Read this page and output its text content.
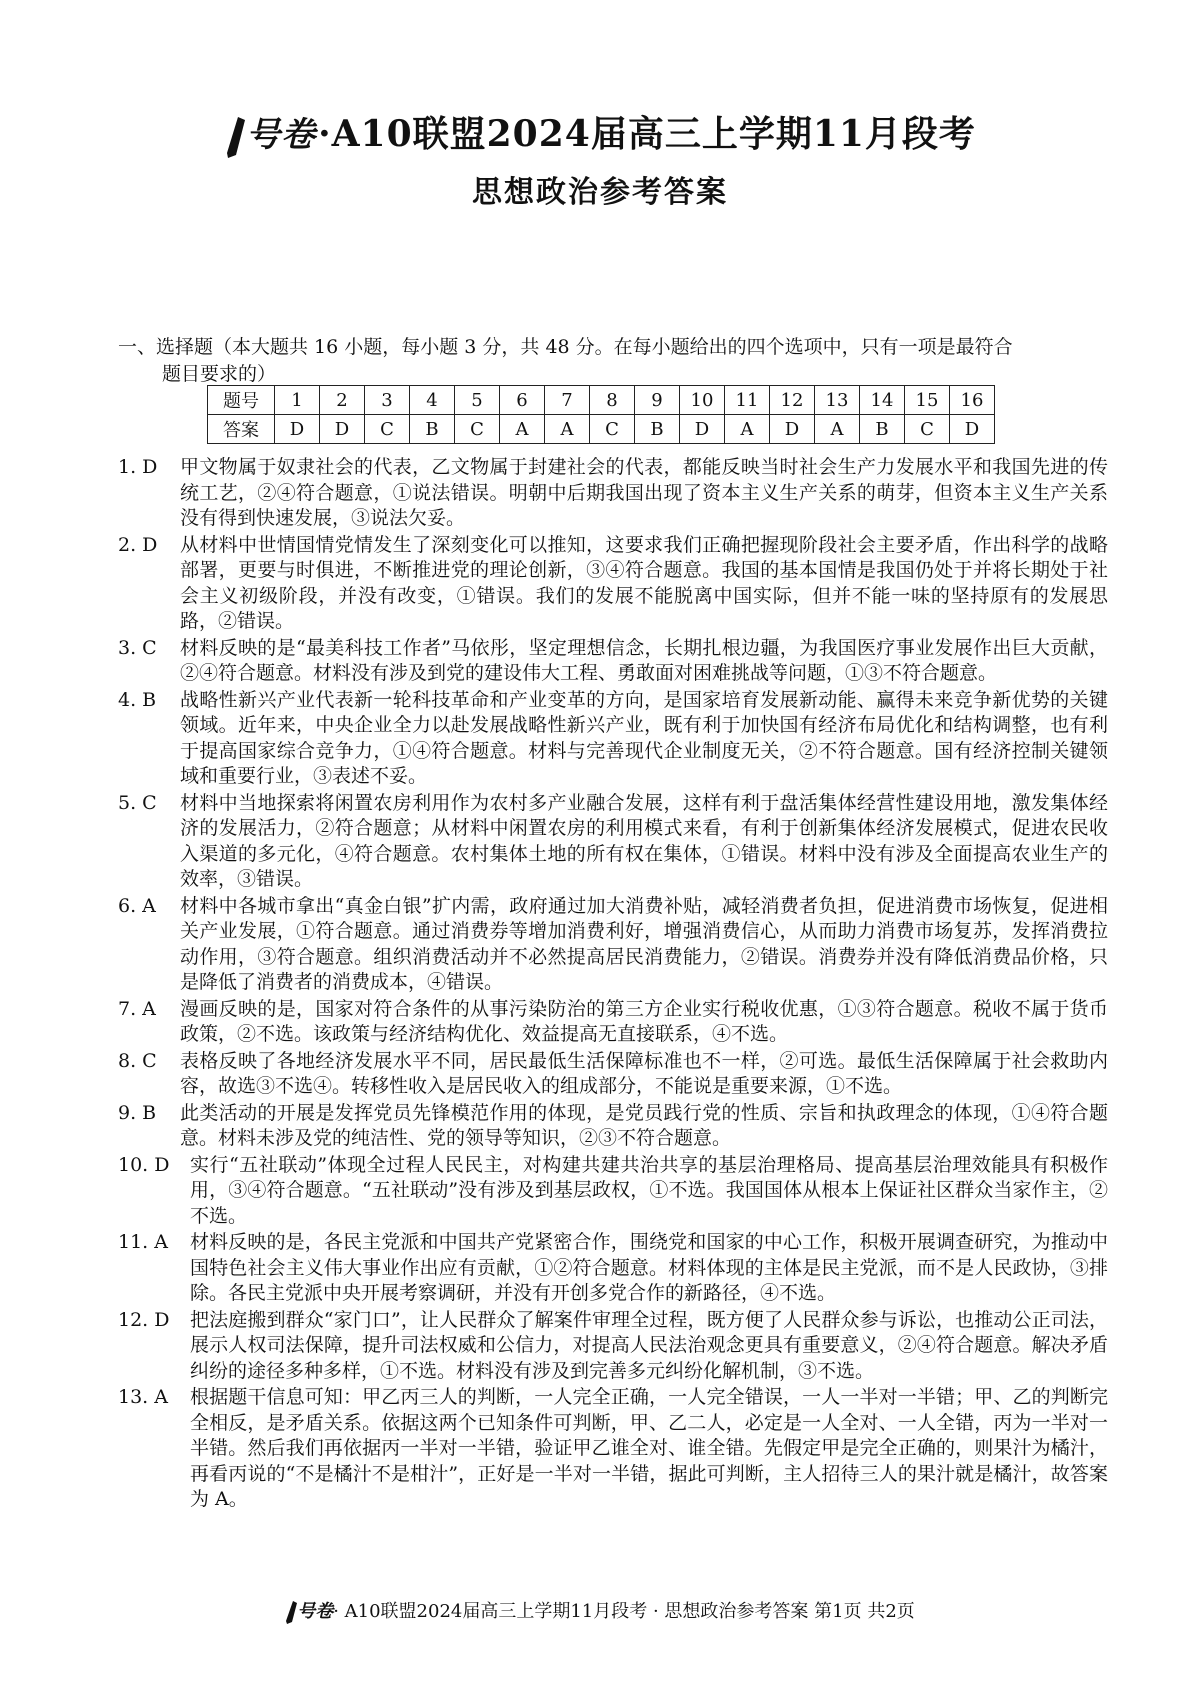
号卷·A10联盟2024届高三上学期11月段考
思想政治参考答案
一、选择题（本大题共 16 小题，每小题 3 分，共 48 分。在每小题给出的四个选项中，只有一项是最符合
题目要求的）
题号	1	2	3	4	5	6	7	8	9	10	11	12	13	14	15	16
答案	D	D	C	B	C	A	A	C	B	D	A	D	A	B	C	D
1. D	甲文物属于奴隶社会的代表，乙文物属于封建社会的代表，都能反映当时社会生产力发展水平和我国先进的传统工艺，②④符合题意，①说法错误。明朝中后期我国出现了资本主义生产关系的萌芽，但资本主义生产关系没有得到快速发展，③说法欠妥。
2. D	从材料中世情国情党情发生了深刻变化可以推知，这要求我们正确把握现阶段社会主要矛盾，作出科学的战略部署，更要与时俱进，不断推进党的理论创新，③④符合题意。我国的基本国情是我国仍处于并将长期处于社会主义初级阶段，并没有改变，①错误。我们的发展不能脱离中国实际，但并不能一味的坚持原有的发展思路，②错误。
3. C	材料反映的是“最美科技工作者”马依彤，坚定理想信念，长期扎根边疆，为我国医疗事业发展作出巨大贡献，②④符合题意。材料没有涉及到党的建设伟大工程、勇敢面对困难挑战等问题，①③不符合题意。
4. B	战略性新兴产业代表新一轮科技革命和产业变革的方向，是国家培育发展新动能、赢得未来竞争新优势的关键领域。近年来，中央企业全力以赴发展战略性新兴产业，既有利于加快国有经济布局优化和结构调整，也有利于提高国家综合竞争力，①④符合题意。材料与完善现代企业制度无关，②不符合题意。国有经济控制关键领域和重要行业，③表述不妥。
5. C	材料中当地探索将闲置农房利用作为农村多产业融合发展，这样有利于盘活集体经营性建设用地，激发集体经济的发展活力，②符合题意；从材料中闲置农房的利用模式来看，有利于创新集体经济发展模式，促进农民收入渠道的多元化，④符合题意。农村集体土地的所有权在集体，①错误。材料中没有涉及全面提高农业生产的效率，③错误。
6. A	材料中各城市拿出“真金白银”扩内需，政府通过加大消费补贴，减轻消费者负担，促进消费市场恢复，促进相关产业发展，①符合题意。通过消费券等增加消费利好，增强消费信心，从而助力消费市场复苏，发挥消费拉动作用，③符合题意。组织消费活动并不必然提高居民消费能力，②错误。消费券并没有降低消费品价格，只是降低了消费者的消费成本，④错误。
7. A	漫画反映的是，国家对符合条件的从事污染防治的第三方企业实行税收优惠，①③符合题意。税收不属于货币政策，②不选。该政策与经济结构优化、效益提高无直接联系，④不选。
8. C	表格反映了各地经济发展水平不同，居民最低生活保障标准也不一样，②可选。最低生活保障属于社会救助内容，故选③不选④。转移性收入是居民收入的组成部分，不能说是重要来源，①不选。
9. B	此类活动的开展是发挥党员先锋模范作用的体现，是党员践行党的性质、宗旨和执政理念的体现，①④符合题意。材料未涉及党的纯洁性、党的领导等知识，②③不符合题意。
10. D	实行“五社联动”体现全过程人民民主，对构建共建共治共享的基层治理格局、提高基层治理效能具有积极作用，③④符合题意。“五社联动”没有涉及到基层政权，①不选。我国国体从根本上保证社区群众当家作主，②不选。
11. A	材料反映的是，各民主党派和中国共产党紧密合作，围绕党和国家的中心工作，积极开展调查研究，为推动中国特色社会主义伟大事业作出应有贡献，①②符合题意。材料体现的主体是民主党派，而不是人民政协，③排除。各民主党派中央开展考察调研，并没有开创多党合作的新路径，④不选。
12. D	把法庭搬到群众“家门口”，让人民群众了解案件审理全过程，既方便了人民群众参与诉讼，也推动公正司法，展示人权司法保障，提升司法权威和公信力，对提高人民法治观念更具有重要意义，②④符合题意。解决矛盾纠纷的途径多种多样，①不选。材料没有涉及到完善多元纠纷化解机制，③不选。
13. A	根据题干信息可知：甲乙丙三人的判断，一人完全正确，一人完全错误，一人一半对一半错；甲、乙的判断完全相反，是矛盾关系。依据这两个已知条件可判断，甲、乙二人，必定是一人全对、一人全错，丙为一半对一半错。然后我们再依据丙一半对一半错，验证甲乙谁全对、谁全错。先假定甲是完全正确的，则果汁为橘汁，再看丙说的“不是橘汁不是柑汁”，正好是一半对一半错，据此可判断，主人招待三人的果汁就是橘汁，故答案为 A。
号卷· A10联盟2024届高三上学期11月段考 · 思想政治参考答案 第1页 共2页
